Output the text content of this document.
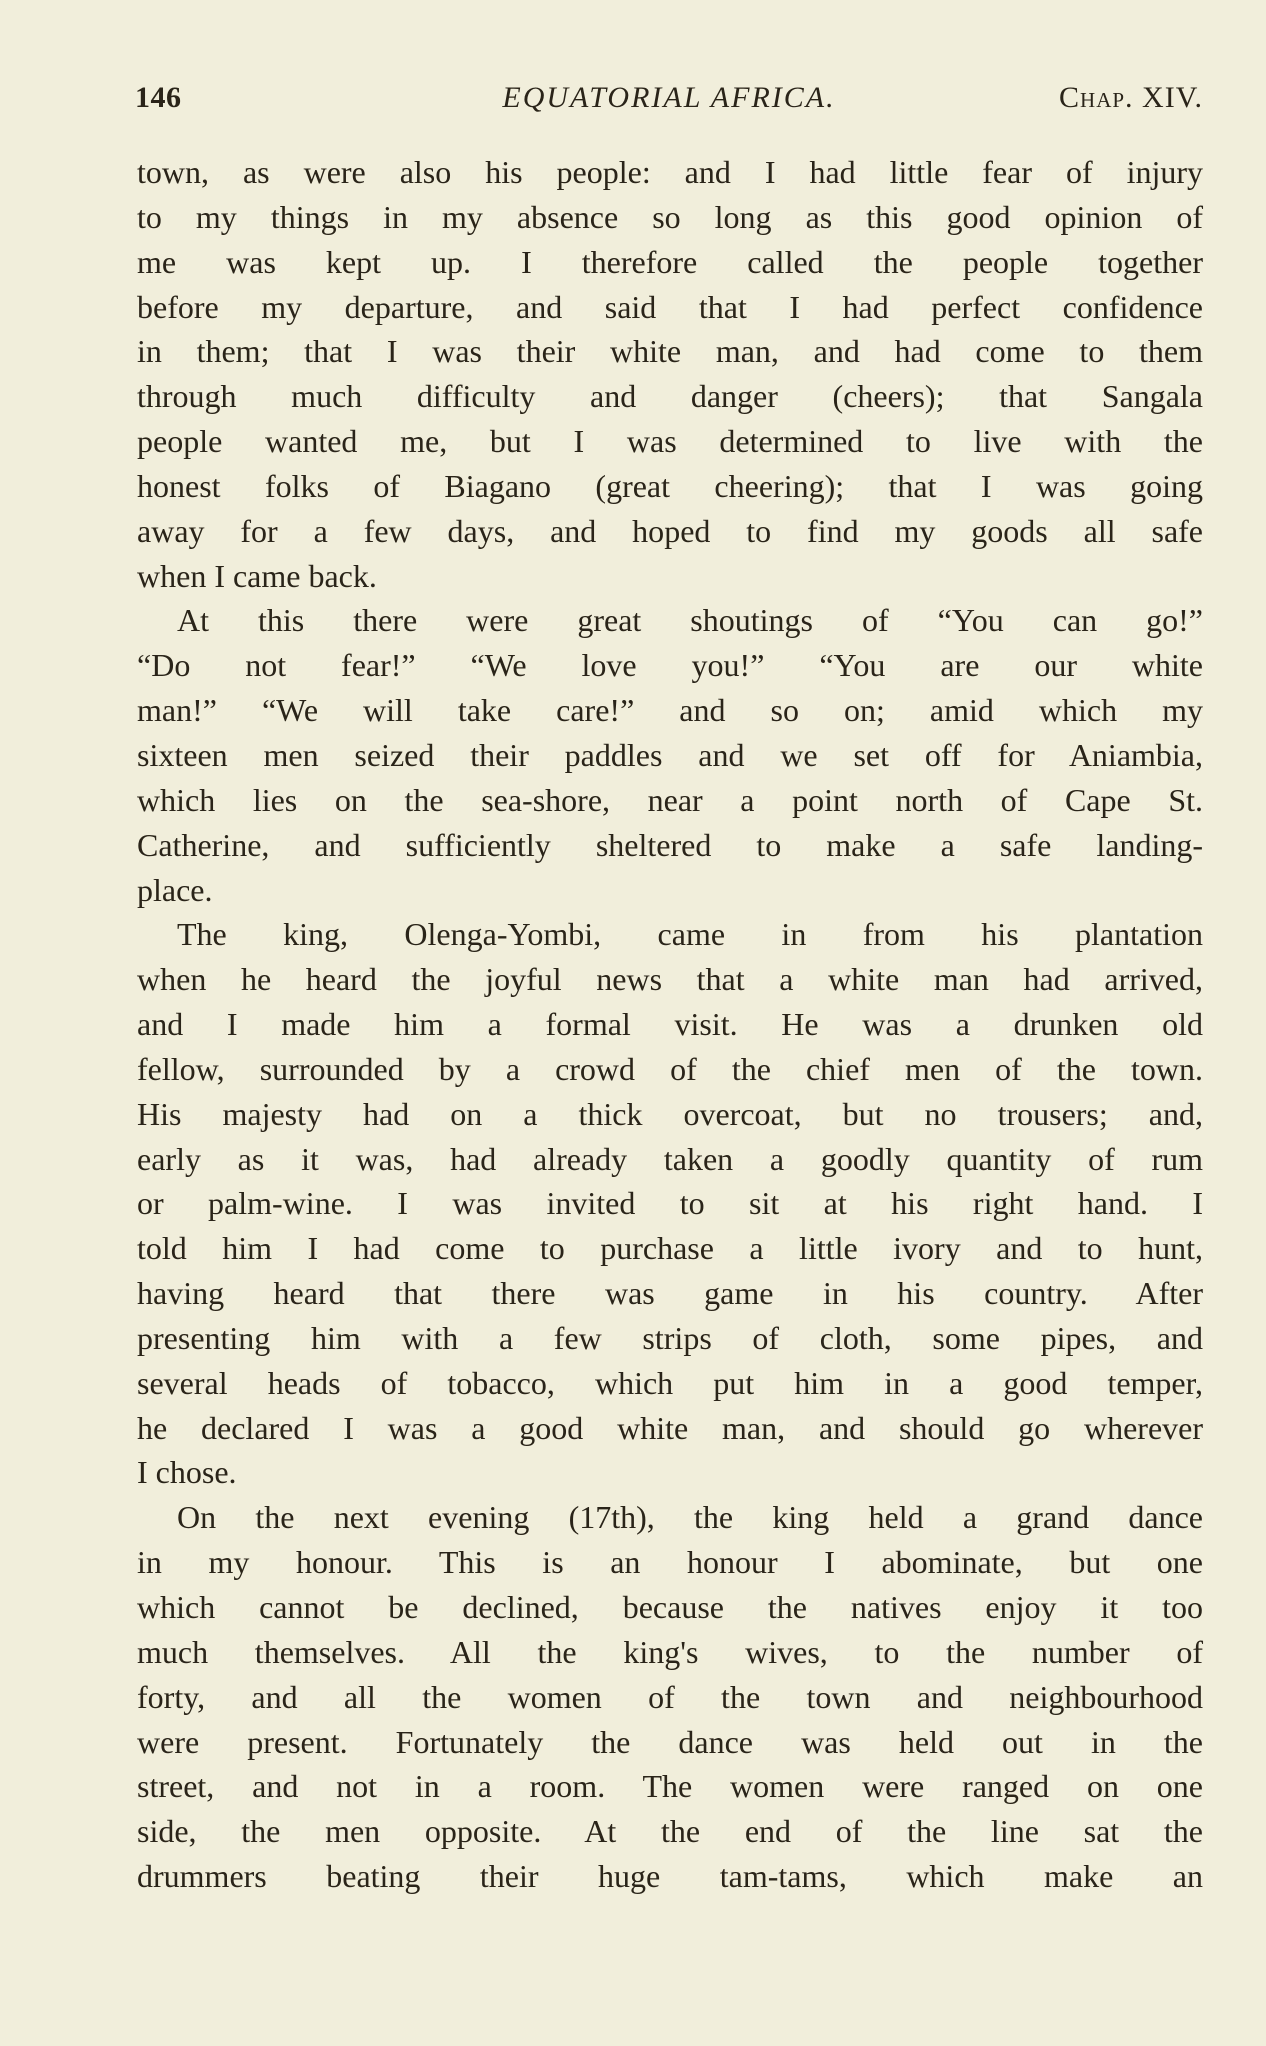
146	EQUATORIAL AFRICA.	Chap. XIV.
town, as were also his people: and I had little fear of injury
to my things in my absence so long as this good opinion of
me was kept up. I therefore called the people together
before my departure, and said that I had perfect confidence
in them; that I was their white man, and had come to them
through much difficulty and danger (cheers); that Sangala
people wanted me, but I was determined to live with the
honest folks of Biagano (great cheering); that I was going
away for a few days, and hoped to find my goods all safe
when I came back.
At this there were great shoutings of “You can go!”
“Do not fear!” “We love you!” “You are our white
man!” “We will take care!” and so on; amid which my
sixteen men seized their paddles and we set off for Aniambia,
which lies on the sea-shore, near a point north of Cape St.
Catherine, and sufficiently sheltered to make a safe landing-
place.
The king, Olenga-Yombi, came in from his plantation
when he heard the joyful news that a white man had arrived,
and I made him a formal visit. He was a drunken old
fellow, surrounded by a crowd of the chief men of the town.
His majesty had on a thick overcoat, but no trousers; and,
early as it was, had already taken a goodly quantity of rum
or palm-wine. I was invited to sit at his right hand. I
told him I had come to purchase a little ivory and to hunt,
having heard that there was game in his country. After
presenting him with a few strips of cloth, some pipes, and
several heads of tobacco, which put him in a good temper,
he declared I was a good white man, and should go wherever
I chose.
On the next evening (17th), the king held a grand dance
in my honour. This is an honour I abominate, but one
which cannot be declined, because the natives enjoy it too
much themselves. All the king's wives, to the number of
forty, and all the women of the town and neighbourhood
were present. Fortunately the dance was held out in the
street, and not in a room. The women were ranged on one
side, the men opposite. At the end of the line sat the
drummers beating their huge tam-tams, which make an
